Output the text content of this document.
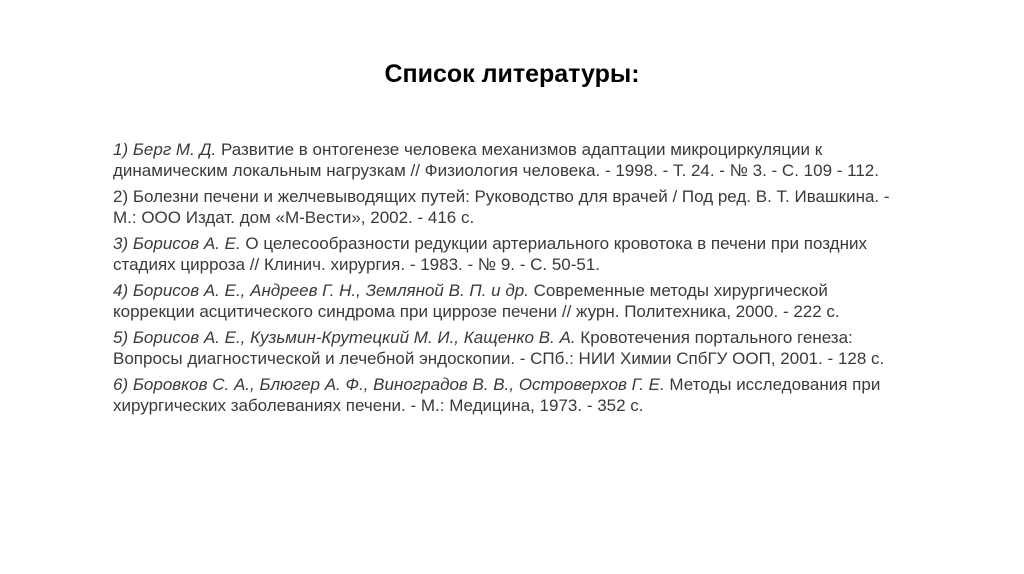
Список литературы:
1) Берг М. Д. Развитие в онтогенезе человека механизмов адаптации микроциркуляции к динамическим локальным нагрузкам // Физиология человека. - 1998. - Т. 24. - № 3. - С. 109 - 112.
2) Болезни печени и желчевыводящих путей: Руководство для врачей / Под ред. В. Т. Ивашкина. - М.: ООО Издат. дом «М-Вести», 2002. - 416 с.
3) Борисов А. Е. О целесообразности редукции артериального кровотока в печени при поздних стадиях цирроза // Клинич. хирургия. - 1983. - № 9. - С. 50-51.
4) Борисов А. Е., Андреев Г. Н., Земляной В. П. и др. Современные методы хирургической коррекции асцитического синдрома при циррозе печени // журн. Политехника, 2000. - 222 с.
5) Борисов А. Е., Кузьмин-Крутецкий М. И., Кащенко В. А. Кровотечения портального генеза: Вопросы диагностической и лечебной эндоскопии. - СПб.: НИИ Химии СпбГУ ООП, 2001. - 128 с.
6) Боровков С. А., Блюгер А. Ф., Виноградов В. В., Островерхов Г. Е. Методы исследования при хирургических заболеваниях печени. - М.: Медицина, 1973. - 352 с.
